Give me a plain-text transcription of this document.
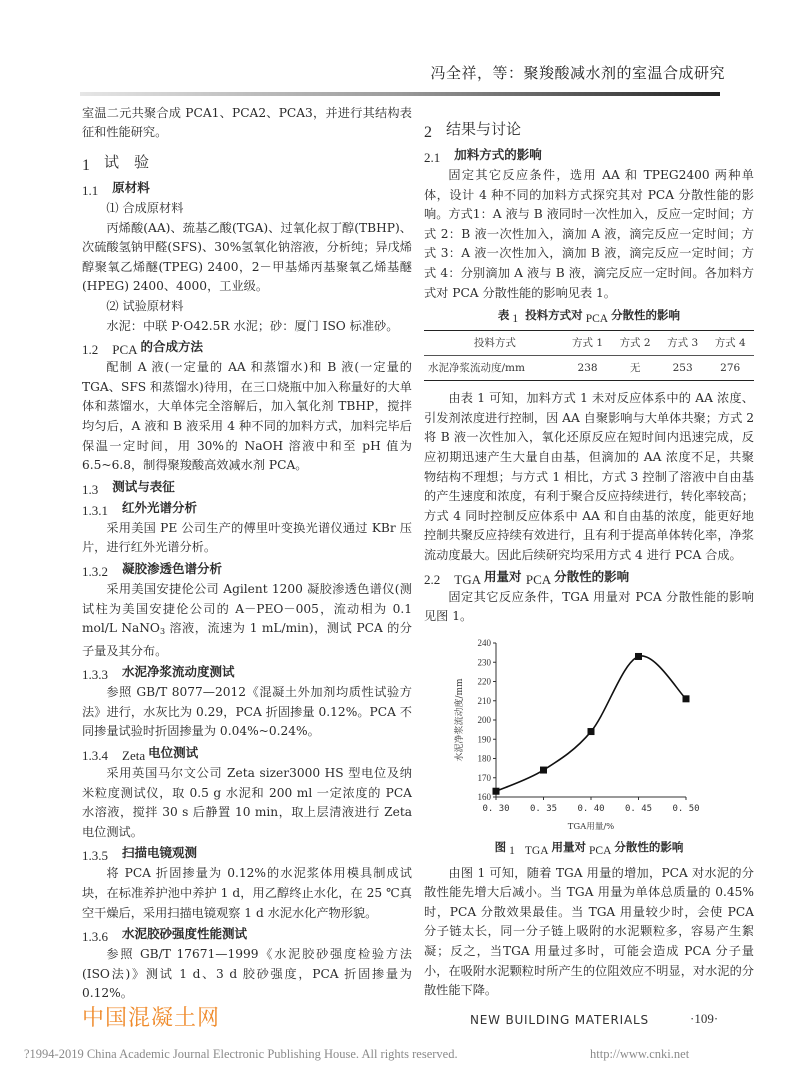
冯全祥，等：聚羧酸减水剂的室温合成研究

室温二元共聚合成 PCA1、PCA2、PCA3，并进行其结构表征和性能研究。

1 试　验
1.1 原材料

⑴ 合成原材料

丙烯酸(AA)、巯基乙酸(TGA)、过氧化叔丁醇(TBHP)、次硫酸氢钠甲醛(SFS)、30%氢氧化钠溶液，分析纯；异戊烯醇聚氧乙烯醚(TPEG) 2400，2－甲基烯丙基聚氧乙烯基醚(HPEG) 2400、4000，工业级。

⑵ 试验原材料

水泥：中联 P·O42.5R 水泥；砂：厦门 ISO 标准砂。

1.2 PCA 的合成方法

配制 A 液(一定量的 AA 和蒸馏水)和 B 液(一定量的 TGA、SFS 和蒸馏水)待用，在三口烧瓶中加入称量好的大单体和蒸馏水，大单体完全溶解后，加入氧化剂 TBHP，搅拌均匀后，A 液和 B 液采用 4 种不同的加料方式，加料完毕后保温一定时间，用 30%的 NaOH 溶液中和至 pH 值为6.5~6.8，制得聚羧酸高效减水剂 PCA。

1.3 测试与表征
1.3.1 红外光谱分析

采用美国 PE 公司生产的傅里叶变换光谱仪通过 KBr 压片，进行红外光谱分析。

1.3.2 凝胶渗透色谱分析

采用美国安捷伦公司 Agilent 1200 凝胶渗透色谱仪(测试柱为美国安捷伦公司的 A－PEO－005，流动相为 0.1 mol/L NaNO$_3$ 溶液，流速为 1 mL/min)，测试 PCA 的分子量及其分布。

1.3.3 水泥净浆流动度测试

参照 GB/T 8077—2012《混凝土外加剂均质性试验方法》进行，水灰比为 0.29，PCA 折固掺量 0.12%。PCA 不同掺量试验时折固掺量为 0.04%~0.24%。

1.3.4 Zeta 电位测试

采用英国马尔文公司 Zeta sizer3000 HS 型电位及纳米粒度测试仪，取 0.5 g 水泥和 200 ml 一定浓度的 PCA 水溶液，搅拌 30 s 后静置 10 min，取上层清液进行 Zeta 电位测试。

1.3.5 扫描电镜观测

将 PCA 折固掺量为 0.12%的水泥浆体用模具制成试块，在标准养护池中养护 1 d，用乙醇终止水化，在 25 ℃真空干燥后，采用扫描电镜观察 1 d 水泥水化产物形貌。

1.3.6 水泥胶砂强度性能测试

参照 GB/T 17671—1999《水泥胶砂强度检验方法(ISO法)》测试 1 d、3 d 胶砂强度，PCA 折固掺量为 0.12%。

2 结果与讨论
2.1 加料方式的影响

固定其它反应条件，选用 AA 和 TPEG2400 两种单体，设计 4 种不同的加料方式探究其对 PCA 分散性能的影响。方式1：A 液与 B 液同时一次性加入，反应一定时间；方式 2：B 液一次性加入，滴加 A 液，滴完反应一定时间；方式 3：A 液一次性加入，滴加 B 液，滴完反应一定时间；方式 4：分别滴加 A 液与 B 液，滴完反应一定时间。各加料方式对 PCA 分散性能的影响见表 1。

表 1 投料方式对 PCA 分散性的影响
投料方式	方式 1	方式 2	方式 3	方式 4
水泥净浆流动度/mm	238	无	253	276

由表 1 可知，加料方式 1 未对反应体系中的 AA 浓度、引发剂浓度进行控制，因 AA 自聚影响与大单体共聚；方式 2 将 B 液一次性加入，氧化还原反应在短时间内迅速完成，反应初期迅速产生大量自由基，但滴加的 AA 浓度不足，共聚物结构不理想；与方式 1 相比，方式 3 控制了溶液中自由基的产生速度和浓度，有利于聚合反应持续进行，转化率较高；方式 4 同时控制反应体系中 AA 和自由基的浓度，能更好地控制共聚反应持续有效进行，且有利于提高单体转化率，净浆流动度最大。因此后续研究均采用方式 4 进行 PCA 合成。

2.2 TGA 用量对 PCA 分散性的影响

固定其它反应条件，TGA 用量对 PCA 分散性能的影响见图 1。

160
170
180
190
200
210
220
230
240
0. 30 0. 35 0. 40 0. 45 0. 50
水泥净浆流动度/mm
TGA用量/%
图 1 TGA 用量对 PCA 分散性的影响

由图 1 可知，随着 TGA 用量的增加，PCA 对水泥的分散性能先增大后减小。当 TGA 用量为单体总质量的 0.45%时，PCA 分散效果最佳。当 TGA 用量较少时，会使 PCA 分子链太长，同一分子链上吸附的水泥颗粒多，容易产生絮凝；反之，当TGA 用量过多时，可能会造成 PCA 分子量小，在吸附水泥颗粒时所产生的位阻效应不明显，对水泥的分散性能下降。

中国混凝土网	NEW BUILDING MATERIALS	·109·
?1994-2019 China Academic Journal Electronic Publishing House. All rights reserved.	http://www.cnki.net
